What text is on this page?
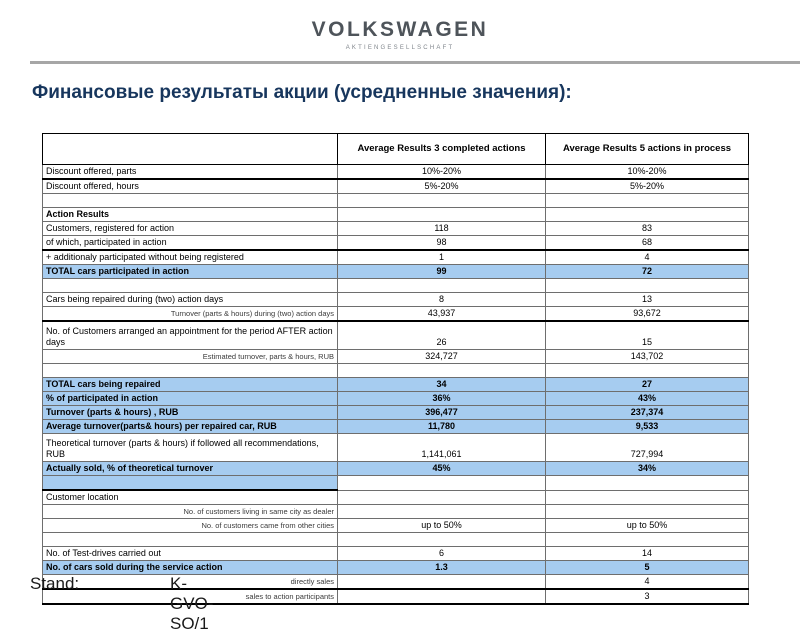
VOLKSWAGEN
AKTIENGESELLSCHAFT
Финансовые результаты акции (усредненные значения):
	Average Results 3 completed actions	Average Results 5 actions in process
Discount offered, parts	10%-20%	10%-20%
Discount offered, hours	5%-20%	5%-20%

Action Results		
Customers, registered for action	118	83
of which, participated in action	98	68
+ additionaly participated without being registered	1	4
TOTAL cars participated in action	99	72

Cars being repaired during (two) action days	8	13
Turnover (parts & hours) during (two) action days	43,937	93,672
No. of Customers arranged an appointment for the period AFTER action days	26	15
Estimated turnover, parts & hours, RUB	324,727	143,702

TOTAL cars being repaired	34	27
% of participated in action	36%	43%
Turnover (parts & hours) , RUB	396,477	237,374
Average turnover(parts& hours) per repaired car, RUB	11,780	9,533
Theoretical turnover (parts & hours) if followed all recommendations, RUB	1,141,061	727,994
Actually sold, % of theoretical turnover	45%	34%

Customer location		
No. of customers living in same city as dealer		
No. of customers came from other cities	up to 50%	up to 50%

No. of Test-drives carried out	6	14
No. of cars sold during the service action	1.3	5
directly sales		4
sales to action participants		3
Stand:	K-GVO-SO/1
